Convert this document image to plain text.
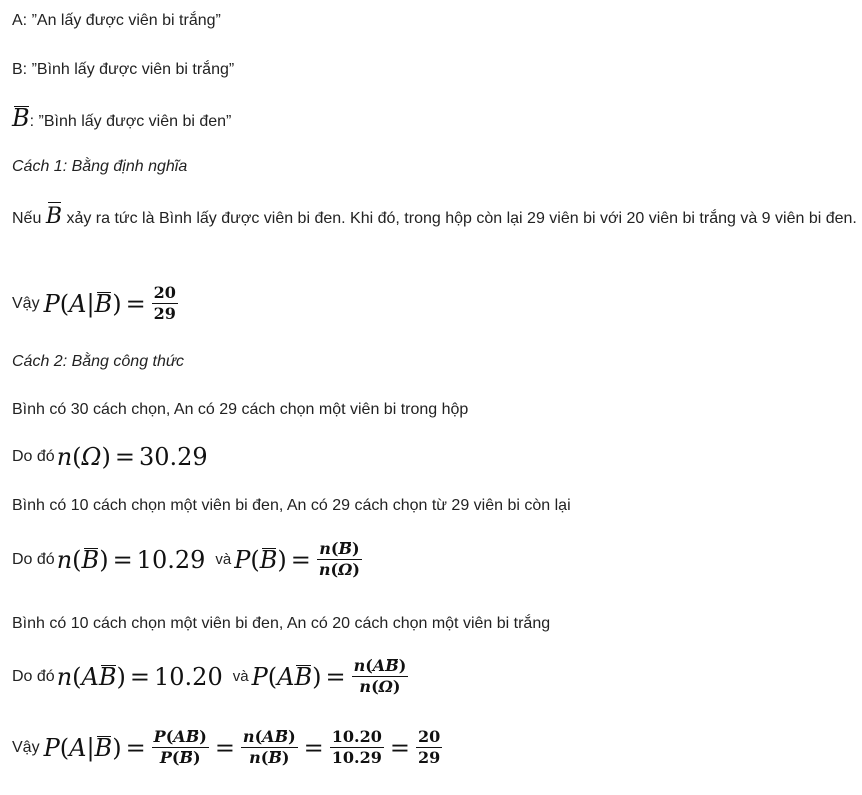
A: ”An lấy được viên bi trắng”
B: ”Bình lấy được viên bi trắng”
B: ”Bình lấy được viên bi đen”
Cách 1: Bằng định nghĩa
Nếu B xảy ra tức là Bình lấy được viên bi đen. Khi đó, trong hộp còn lại 29 viên bi với 20 viên bi trắng và 9 viên bi đen.
Vậy P ( A | B ) = $\frac{20}{29}$
Cách 2: Bằng công thức
Bình có 30 cách chọn, An có 29 cách chọn một viên bi trong hộp
Do đó n ( Ω ) = 30.29
Bình có 10 cách chọn một viên bi đen, An có 29 cách chọn từ 29 viên bi còn lại
Do đó n ( B ) = 10.29 và P ( B ) = $\frac{n(B)}{n(\Omega)}$
Bình có 10 cách chọn một viên bi đen, An có 20 cách chọn một viên bi trắng
Do đó n ( A B ) = 10.20 và P ( A B ) = $\frac{n(AB)}{n(\Omega)}$
Vậy P ( A | B ) = $\frac{P(AB)}{P(B)} = \frac{n(AB)}{n(B)} = \frac{10.20}{10.29} = \frac{20}{29}$
